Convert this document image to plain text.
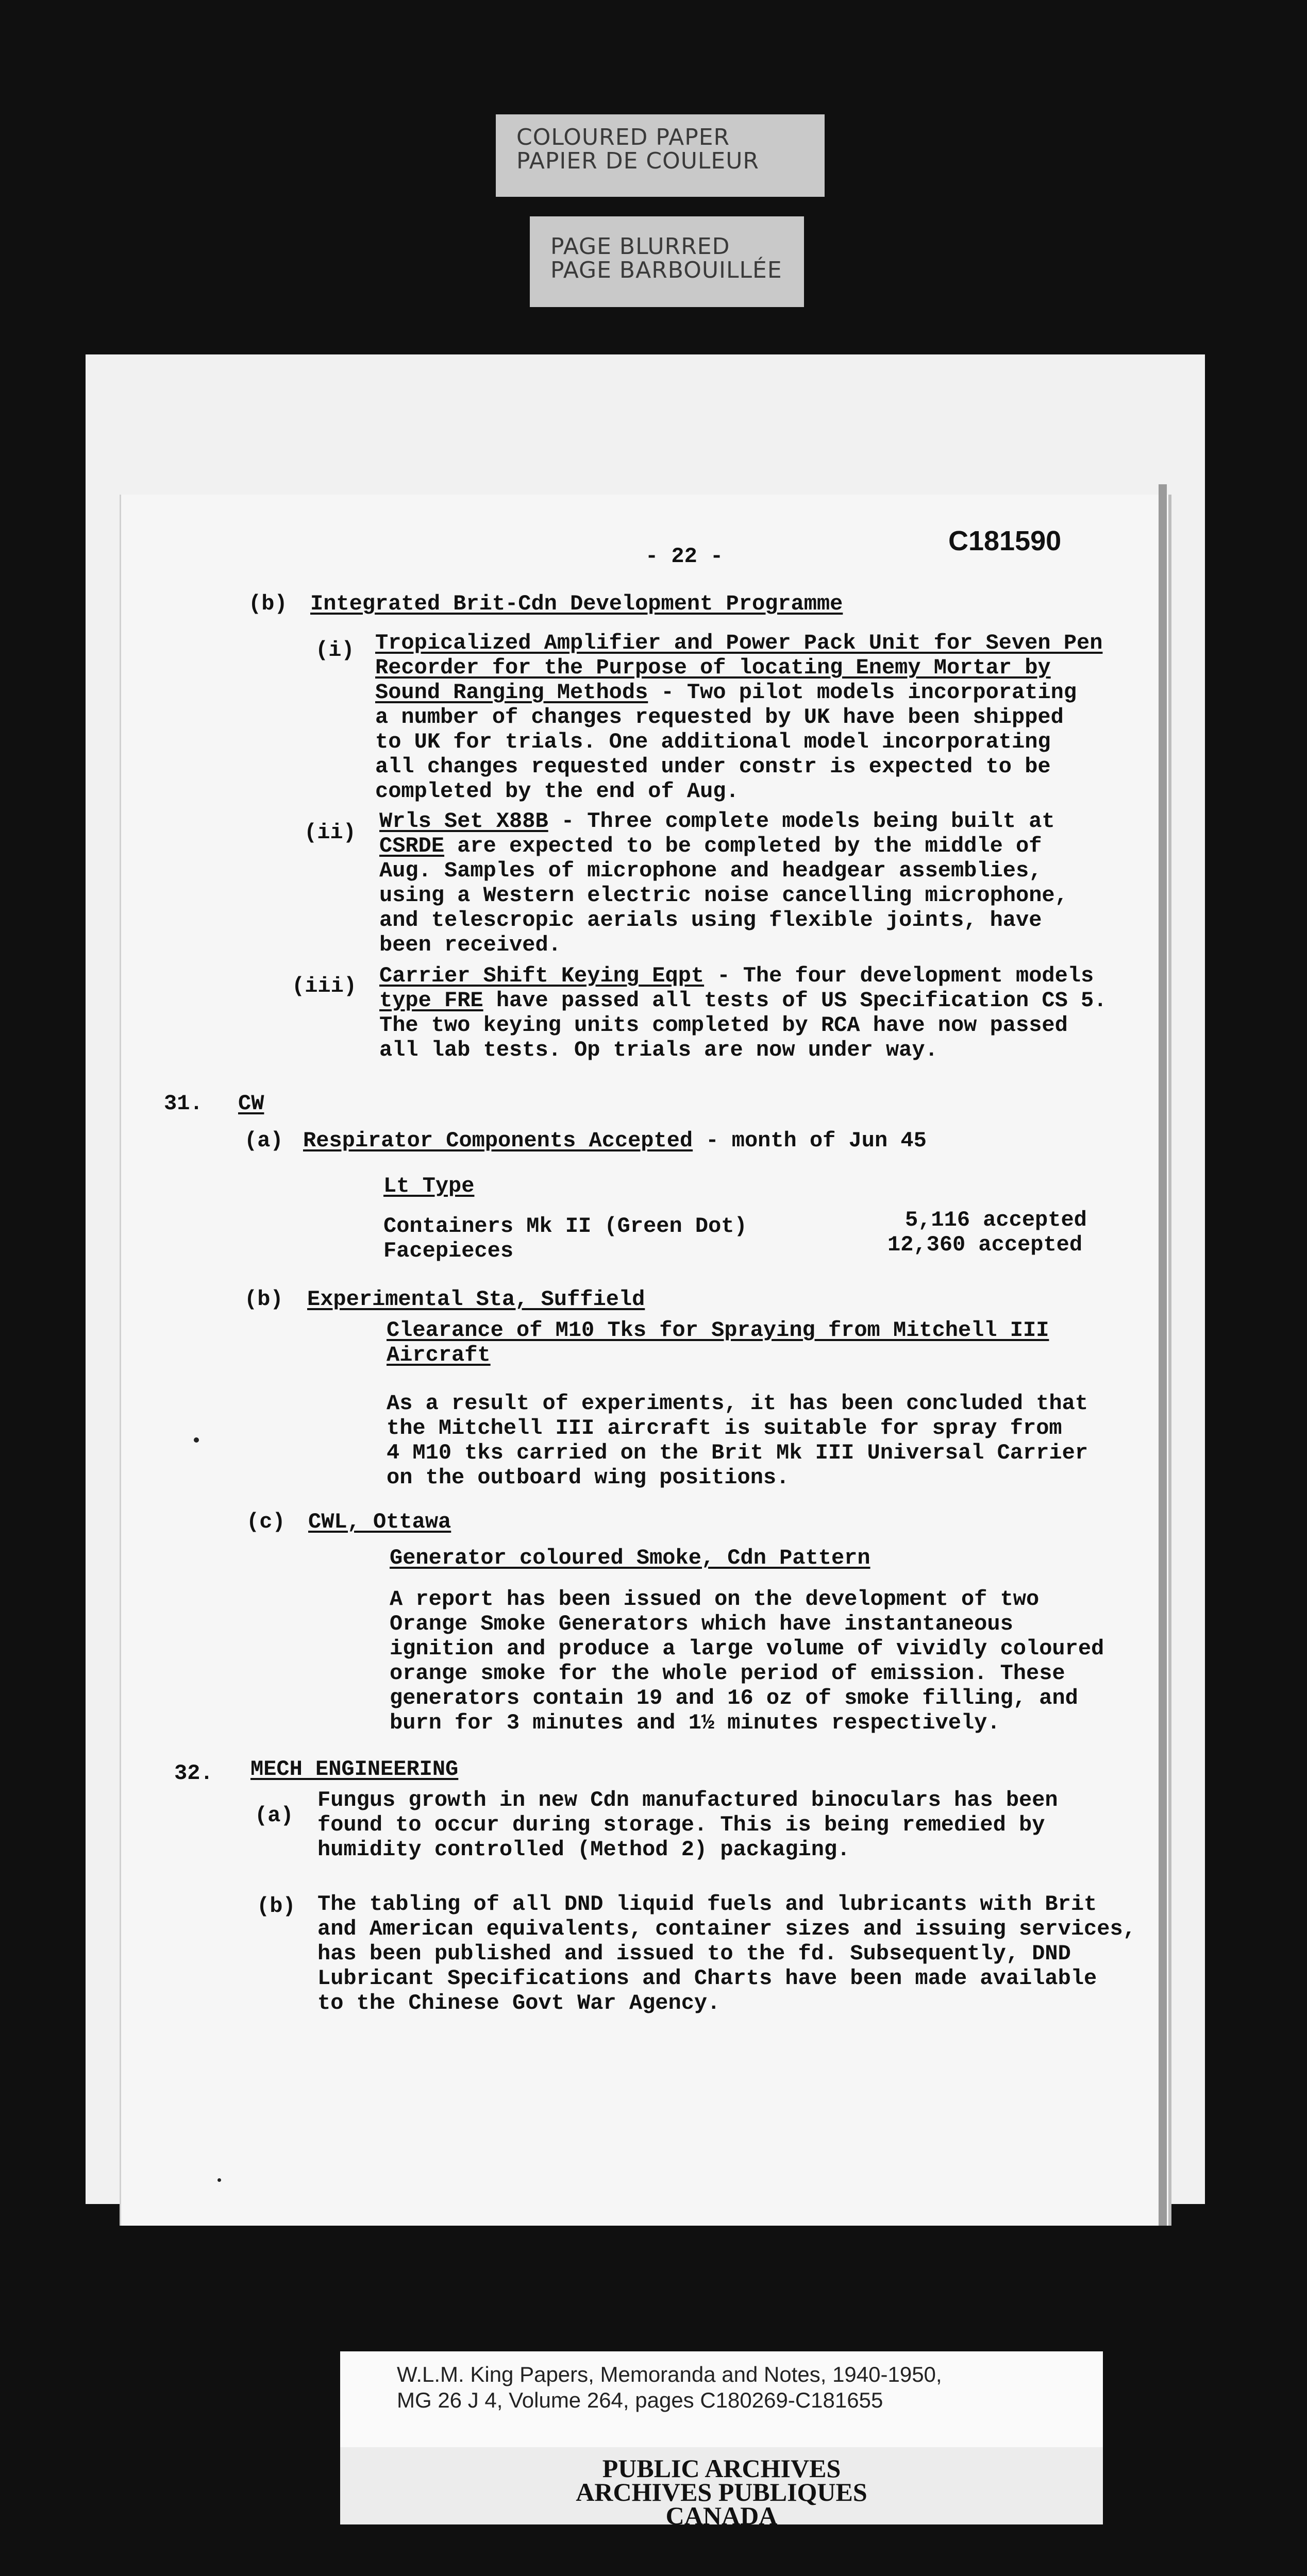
COLOURED PAPER
PAPIER DE COULEUR
PAGE BLURRED
PAGE BARBOUILLÉE
- 22 -	C181590
(b) Integrated Brit-Cdn Development Programme
(i) Tropicalized Amplifier and Power Pack Unit for Seven Pen
Recorder for the Purpose of locating Enemy Mortar by
Sound Ranging Methods - Two pilot models incorporating
a number of changes requested by UK have been shipped
to UK for trials. One additional model incorporating
all changes requested under constr is expected to be
completed by the end of Aug.
(ii) Wrls Set X88B - Three complete models being built at
CSRDE are expected to be completed by the middle of
Aug. Samples of microphone and headgear assemblies,
using a Western electric noise cancelling microphone,
and telescropic aerials using flexible joints, have
been received.
(iii) Carrier Shift Keying Eqpt - The four development models
type FRE have passed all tests of US Specification CS 5.
The two keying units completed by RCA have now passed
all lab tests. Op trials are now under way.
31. CW
(a) Respirator Components Accepted - month of Jun 45
Lt Type
Containers Mk II (Green Dot)	5,116 accepted
Facepieces	12,360 accepted
(b) Experimental Sta, Suffield
Clearance of M10 Tks for Spraying from Mitchell III
Aircraft
As a result of experiments, it has been concluded that
the Mitchell III aircraft is suitable for spray from
4 M10 tks carried on the Brit Mk III Universal Carrier
on the outboard wing positions.
(c) CWL, Ottawa
Generator coloured Smoke, Cdn Pattern
A report has been issued on the development of two
Orange Smoke Generators which have instantaneous
ignition and produce a large volume of vividly coloured
orange smoke for the whole period of emission. These
generators contain 19 and 16 oz of smoke filling, and
burn for 3 minutes and 1½ minutes respectively.
32. MECH ENGINEERING
(a)
Fungus growth in new Cdn manufactured binoculars has been
found to occur during storage. This is being remedied by
humidity controlled (Method 2) packaging.
(b) The tabling of all DND liquid fuels and lubricants with Brit
and American equivalents, container sizes and issuing services,
has been published and issued to the fd. Subsequently, DND
Lubricant Specifications and Charts have been made available
to the Chinese Govt War Agency.
W.L.M. King Papers, Memoranda and Notes, 1940-1950,
MG 26 J 4, Volume 264, pages C180269-C181655
PUBLIC ARCHIVES
ARCHIVES PUBLIQUES
CANADA
